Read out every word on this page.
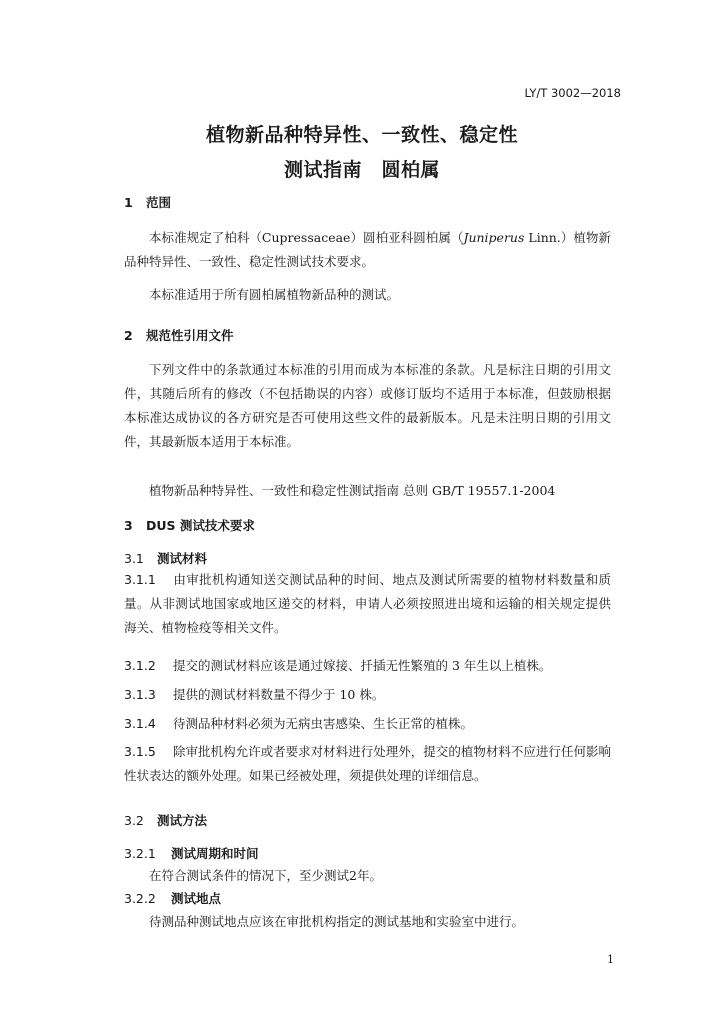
LY/T 3002—2018
植物新品种特异性、一致性、稳定性
测试指南　圆柏属
1 范围
本标准规定了柏科（Cupressaceae）圆柏亚科圆柏属（Juniperus Linn.）植物新品种特异性、一致性、稳定性测试技术要求。
本标准适用于所有圆柏属植物新品种的测试。
2 规范性引用文件
下列文件中的条款通过本标准的引用而成为本标准的条款。凡是标注日期的引用文件，其随后所有的修改（不包括勘误的内容）或修订版均不适用于本标准，但鼓励根据本标准达成协议的各方研究是否可使用这些文件的最新版本。凡是未注明日期的引用文件，其最新版本适用于本标准。
植物新品种特异性、一致性和稳定性测试指南 总则 GB/T 19557.1-2004
3 DUS 测试技术要求
3.1 测试材料
3.1.1 由审批机构通知送交测试品种的时间、地点及测试所需要的植物材料数量和质量。从非测试地国家或地区递交的材料，申请人必须按照进出境和运输的相关规定提供海关、植物检疫等相关文件。
3.1.2 提交的测试材料应该是通过嫁接、扦插无性繁殖的 3 年生以上植株。
3.1.3 提供的测试材料数量不得少于 10 株。
3.1.4 待测品种材料必须为无病虫害感染、生长正常的植株。
3.1.5 除审批机构允许或者要求对材料进行处理外，提交的植物材料不应进行任何影响性状表达的额外处理。如果已经被处理，须提供处理的详细信息。
3.2 测试方法
3.2.1 测试周期和时间
在符合测试条件的情况下，至少测试2年。
3.2.2 测试地点
待测品种测试地点应该在审批机构指定的测试基地和实验室中进行。
1
